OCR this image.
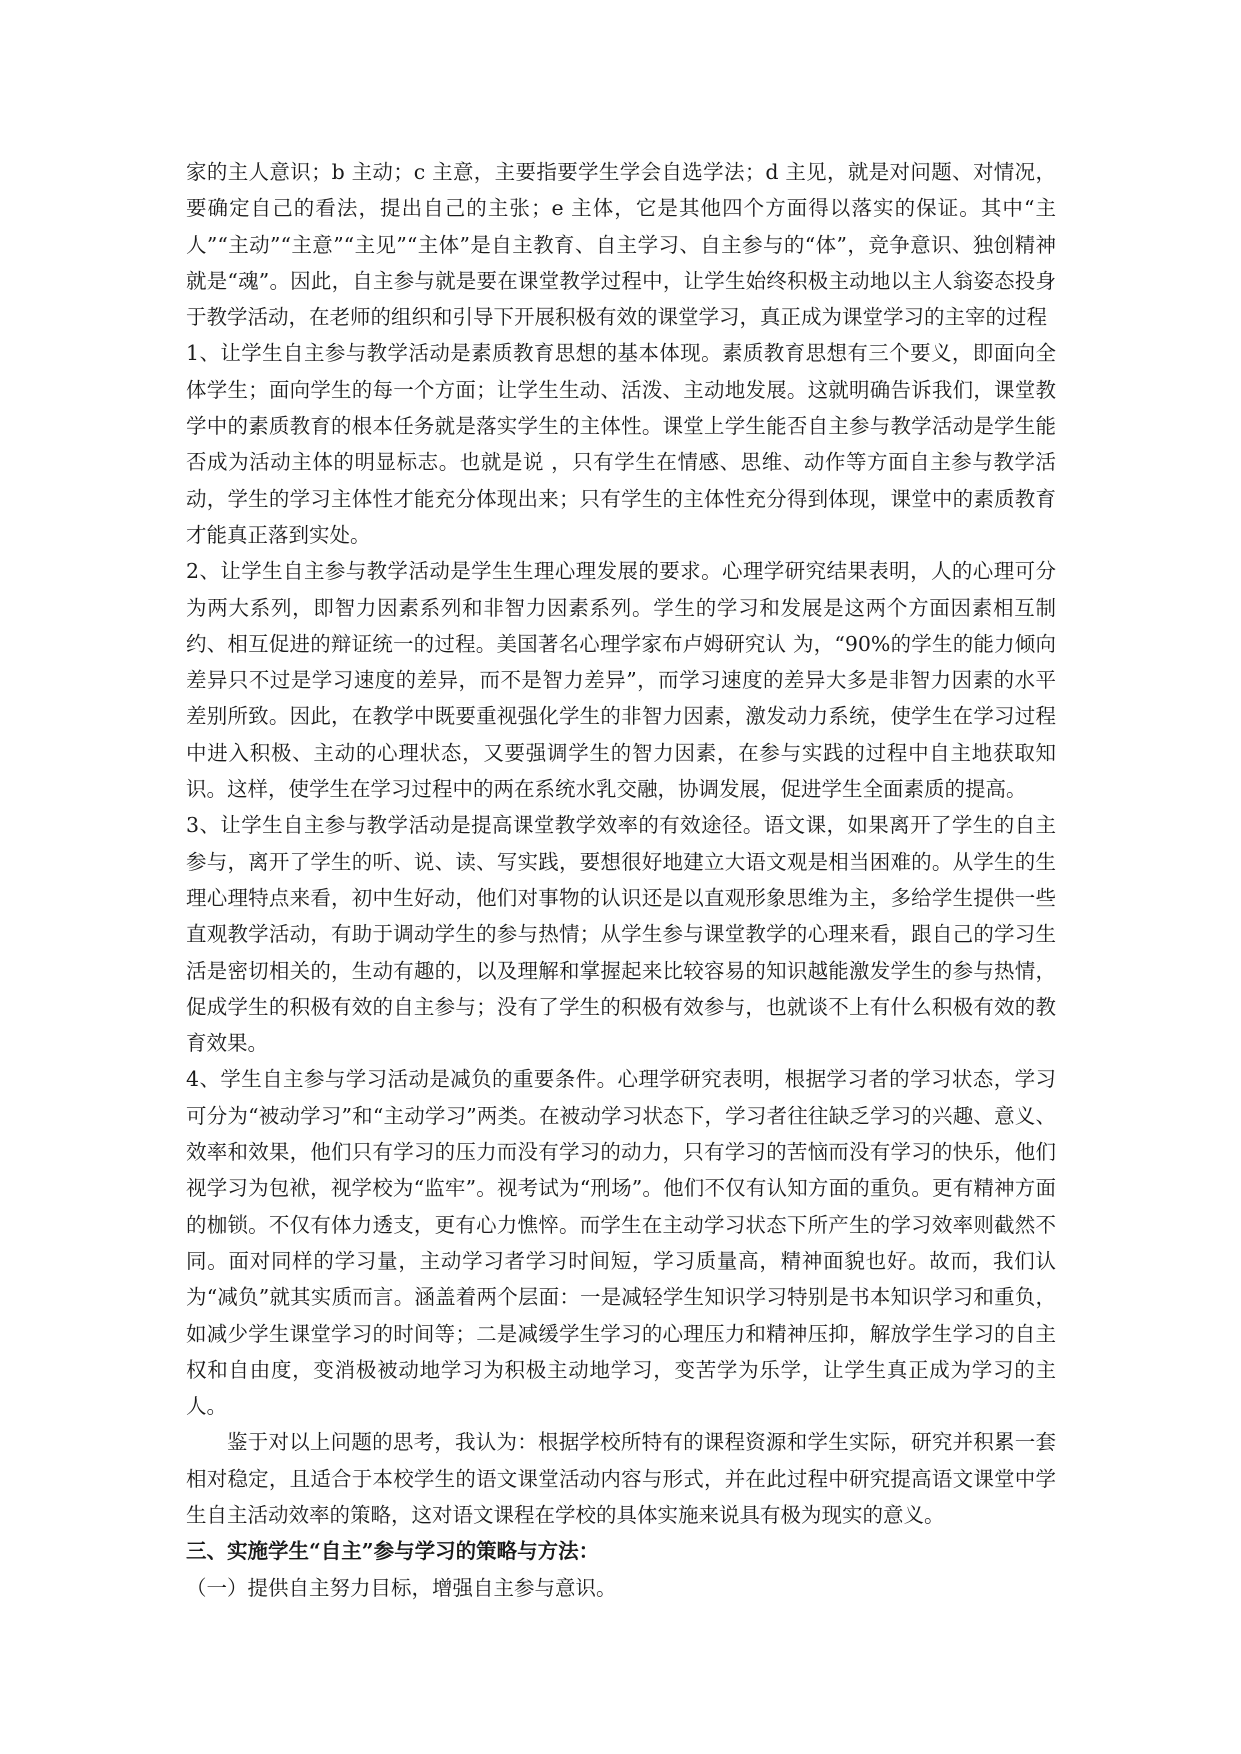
家的主人意识；b 主动；c 主意，主要指要学生学会自选学法；d 主见，就是对问题、对情况，要确定自己的看法，提出自己的主张；e 主体，它是其他四个方面得以落实的保证。其中“主人”“主动”“主意”“主见”“主体”是自主教育、自主学习、自主参与的“体”，竞争意识、独创精神就是“魂”。因此，自主参与就是要在课堂教学过程中，让学生始终积极主动地以主人翁姿态投身于教学活动，在老师的组织和引导下开展积极有效的课堂学习，真正成为课堂学习的主宰的过程

1、让学生自主参与教学活动是素质教育思想的基本体现。素质教育思想有三个要义，即面向全体学生；面向学生的每一个方面；让学生生动、活泼、主动地发展。这就明确告诉我们，课堂教学中的素质教育的根本任务就是落实学生的主体性。课堂上学生能否自主参与教学活动是学生能否成为活动主体的明显标志。也就是说 ，只有学生在情感、思维、动作等方面自主参与教学活动，学生的学习主体性才能充分体现出来；只有学生的主体性充分得到体现，课堂中的素质教育才能真正落到实处。

2、让学生自主参与教学活动是学生生理心理发展的要求。心理学研究结果表明，人的心理可分为两大系列，即智力因素系列和非智力因素系列。学生的学习和发展是这两个方面因素相互制约、相互促进的辩证统一的过程。美国著名心理学家布卢姆研究认 为，“90%的学生的能力倾向差异只不过是学习速度的差异，而不是智力差异”，而学习速度的差异大多是非智力因素的水平差别所致。因此，在教学中既要重视强化学生的非智力因素，激发动力系统，使学生在学习过程中进入积极、主动的心理状态，又要强调学生的智力因素，在参与实践的过程中自主地获取知识。这样，使学生在学习过程中的两在系统水乳交融，协调发展，促进学生全面素质的提高。

3、让学生自主参与教学活动是提高课堂教学效率的有效途径。语文课，如果离开了学生的自主参与，离开了学生的听、说、读、写实践，要想很好地建立大语文观是相当困难的。从学生的生理心理特点来看，初中生好动，他们对事物的认识还是以直观形象思维为主，多给学生提供一些直观教学活动，有助于调动学生的参与热情；从学生参与课堂教学的心理来看，跟自己的学习生活是密切相关的，生动有趣的，以及理解和掌握起来比较容易的知识越能激发学生的参与热情，促成学生的积极有效的自主参与；没有了学生的积极有效参与，也就谈不上有什么积极有效的教育效果。

4、学生自主参与学习活动是减负的重要条件。心理学研究表明，根据学习者的学习状态，学习可分为“被动学习”和“主动学习”两类。在被动学习状态下，学习者往往缺乏学习的兴趣、意义、效率和效果，他们只有学习的压力而没有学习的动力，只有学习的苦恼而没有学习的快乐，他们视学习为包袱，视学校为“监牢”。视考试为“刑场”。他们不仅有认知方面的重负。更有精神方面的枷锁。不仅有体力透支，更有心力憔悴。而学生在主动学习状态下所产生的学习效率则截然不同。面对同样的学习量，主动学习者学习时间短，学习质量高，精神面貌也好。故而，我们认为“减负”就其实质而言。涵盖着两个层面：一是减轻学生知识学习特别是书本知识学习和重负，如减少学生课堂学习的时间等；二是减缓学生学习的心理压力和精神压抑，解放学生学习的自主权和自由度，变消极被动地学习为积极主动地学习，变苦学为乐学，让学生真正成为学习的主人。

鉴于对以上问题的思考，我认为：根据学校所特有的课程资源和学生实际，研究并积累一套相对稳定，且适合于本校学生的语文课堂活动内容与形式，并在此过程中研究提高语文课堂中学生自主活动效率的策略，这对语文课程在学校的具体实施来说具有极为现实的意义。

三、实施学生“自主”参与学习的策略与方法：

（一）提供自主努力目标，增强自主参与意识。
